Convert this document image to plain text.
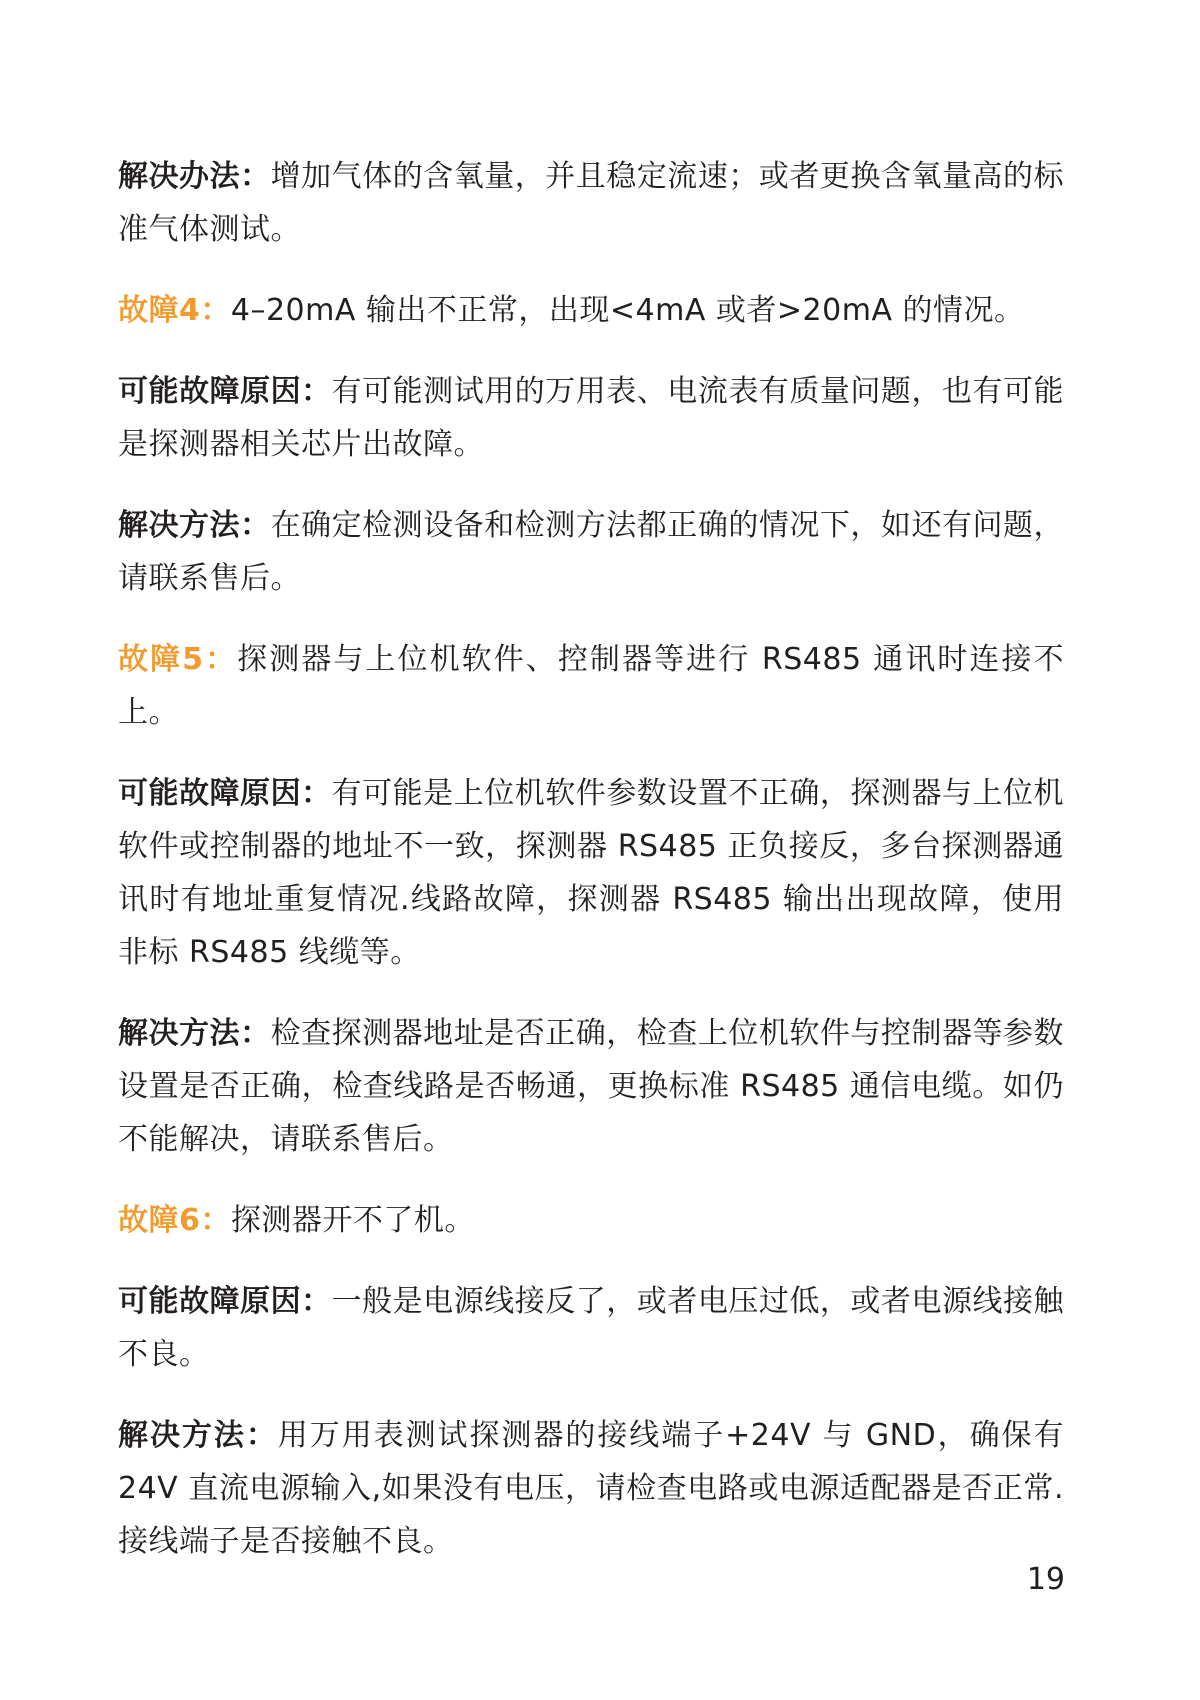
解决办法：增加气体的含氧量，并且稳定流速；或者更换含氧量高的标准气体测试。

故障4：4–20mA 输出不正常，出现<4mA 或者>20mA 的情况。

可能故障原因：有可能测试用的万用表、电流表有质量问题，也有可能是探测器相关芯片出故障。

解决方法：在确定检测设备和检测方法都正确的情况下，如还有问题，请联系售后。

故障5：探测器与上位机软件、控制器等进行 RS485 通讯时连接不上。

可能故障原因：有可能是上位机软件参数设置不正确，探测器与上位机软件或控制器的地址不一致，探测器 RS485 正负接反，多台探测器通讯时有地址重复情况.线路故障，探测器 RS485 输出出现故障，使用非标 RS485 线缆等。

解决方法：检查探测器地址是否正确，检查上位机软件与控制器等参数设置是否正确，检查线路是否畅通，更换标准 RS485 通信电缆。如仍不能解决，请联系售后。

故障6：探测器开不了机。

可能故障原因：一般是电源线接反了，或者电压过低，或者电源线接触不良。

解决方法：用万用表测试探测器的接线端子+24V 与 GND，确保有24V 直流电源输入,如果没有电压，请检查电路或电源适配器是否正常.接线端子是否接触不良。

19
